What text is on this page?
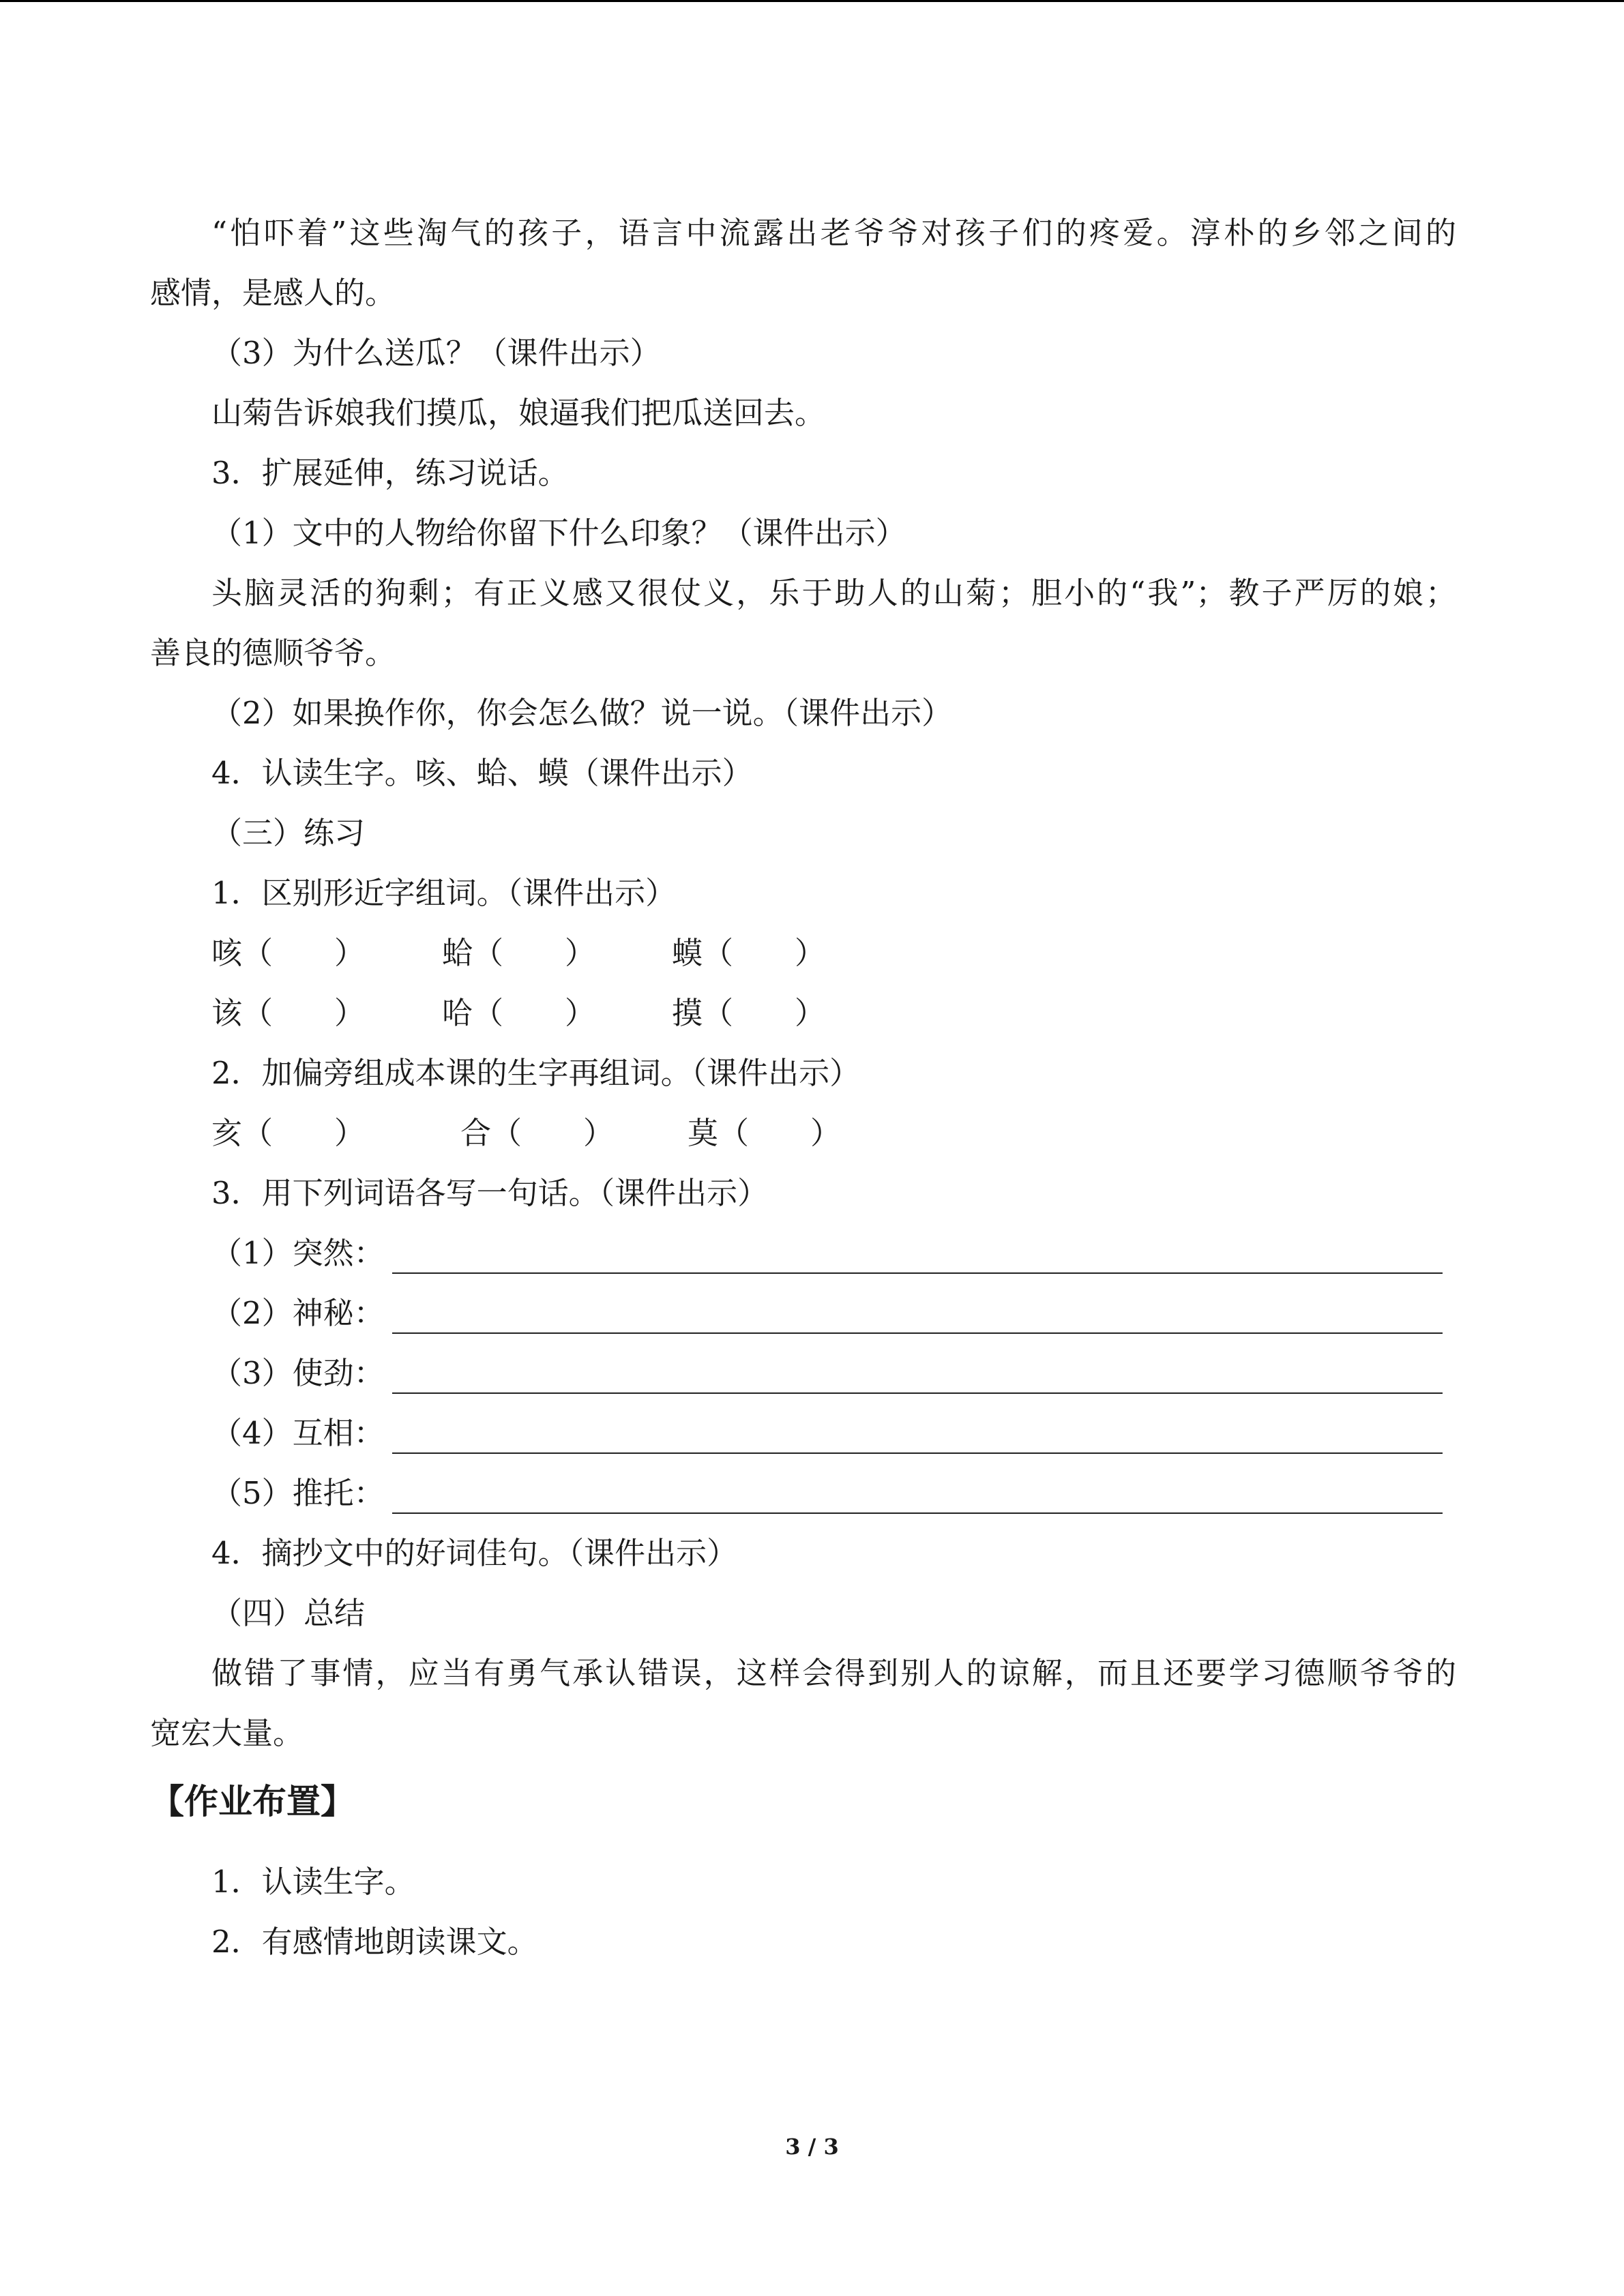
“怕吓着”这些淘气的孩子，语言中流露出老爷爷对孩子们的疼爱。淳朴的乡邻之间的
感情，是感人的。
（3）为什么送瓜？（课件出示）
山菊告诉娘我们摸瓜，娘逼我们把瓜送回去。
3．扩展延伸，练习说话。
（1）文中的人物给你留下什么印象？（课件出示）
头脑灵活的狗剩；有正义感又很仗义，乐于助人的山菊；胆小的“我”；教子严厉的娘；
善良的德顺爷爷。
（2）如果换作你，你会怎么做？说一说。（课件出示）
4．认读生字。咳、蛤、蟆（课件出示）
（三）练习
1．区别形近字组词。（课件出示）
咳（　　）	蛤（　　） 蟆（　　）
该（　　）	哈（　　） 摸（　　）
2．加偏旁组成本课的生字再组词。（课件出示）
亥（　　）	合（　　） 莫（　　）
3．用下列词语各写一句话。（课件出示）
（1）突然：
（2）神秘：
（3）使劲：
（4）互相：
（5）推托：
4．摘抄文中的好词佳句。（课件出示）
（四）总结
做错了事情，应当有勇气承认错误，这样会得到别人的谅解，而且还要学习德顺爷爷的
宽宏大量。
【作业布置】
1．认读生字。
2．有感情地朗读课文。
3 / 3
